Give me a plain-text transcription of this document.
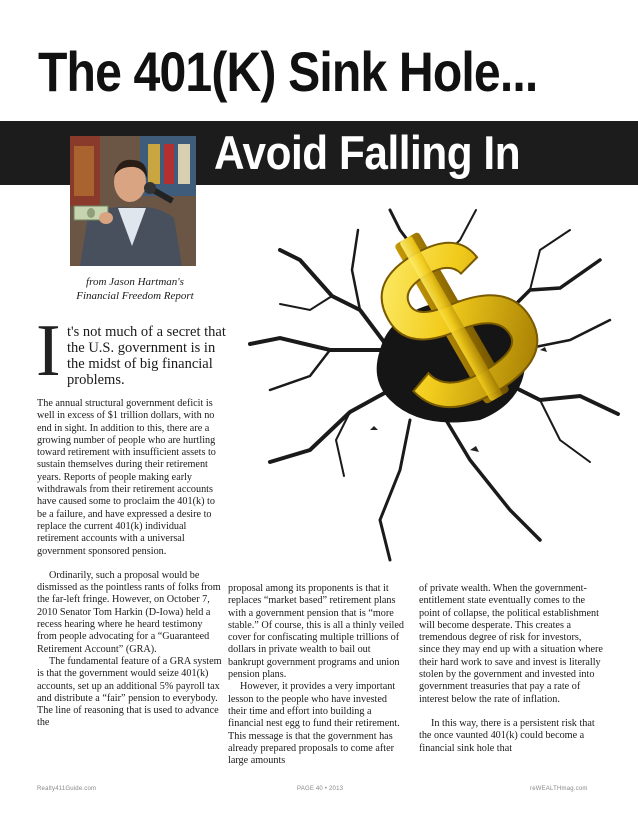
The 401(K) Sink Hole...
Avoid Falling In
from Jason Hartman's
Financial Freedom Report
I t's not much of a secret that the U.S. government is in the midst of big financial problems.

The annual structural government deficit is well in excess of $1 trillion dollars, with no end in sight. In addition to this, there are a growing number of people who are hurtling toward retirement with insufficient assets to sustain themselves during their retirement years. Reports of people making early withdrawals from their retirement accounts have caused some to proclaim the 401(k) to be a failure, and have expressed a desire to replace the current 401(k) individual retirement accounts with a universal government sponsored pension.

Ordinarily, such a proposal would be dismissed as the pointless rants of folks from the far-left fringe. However, on October 7, 2010 Senator Tom Harkin (D-Iowa) held a recess hearing where he heard testimony from people advocating for a “Guaranteed Retirement Account” (GRA).

The fundamental feature of a GRA system is that the government would seize 401(k) accounts, set up an additional 5% payroll tax and distribute a “fair” pension to everybody. The line of reasoning that is used to advance the

proposal among its proponents is that it replaces “market based” retirement plans with a government pension that is “more stable.” Of course, this is all a thinly veiled cover for confiscating multiple trillions of dollars in private wealth to bail out bankrupt government programs and union pension plans.

However, it provides a very important lesson to the people who have invested their time and effort into building a financial nest egg to fund their retirement. This message is that the government has already prepared proposals to come after large amounts

of private wealth. When the government-entitlement state eventually comes to the point of collapse, the political establishment will become desperate. This creates a tremendous degree of risk for investors, since they may end up with a situation where their hard work to save and invest is literally stolen by the government and invested into government treasuries that pay a rate of interest below the rate of inflation.

In this way, there is a persistent risk that the once vaunted 401(k) could become a financial sink hole that

Realty411Guide.com	PAGE 40 • 2013	reWEALTHmag.com
